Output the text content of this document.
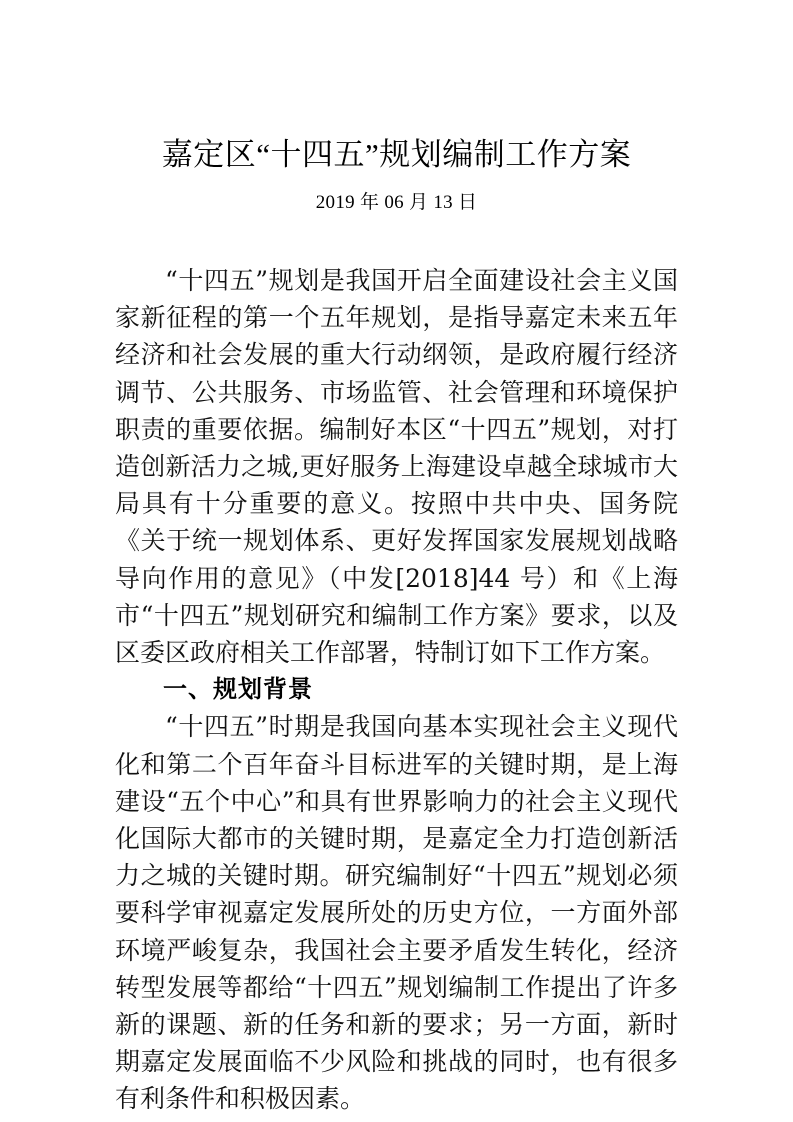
嘉定区“十四五”规划编制工作方案
2019 年 06 月 13 日

“十四五”规划是我国开启全面建设社会主义国家新征程的第一个五年规划，是指导嘉定未来五年经济和社会发展的重大行动纲领，是政府履行经济调节、公共服务、市场监管、社会管理和环境保护职责的重要依据。编制好本区“十四五”规划，对打造创新活力之城,更好服务上海建设卓越全球城市大局具有十分重要的意义。按照中共中央、国务院《关于统一规划体系、更好发挥国家发展规划战略导向作用的意见》（中发[2018]44 号）和《上海市“十四五”规划研究和编制工作方案》要求，以及区委区政府相关工作部署，特制订如下工作方案。

一、规划背景

“十四五”时期是我国向基本实现社会主义现代化和第二个百年奋斗目标进军的关键时期，是上海建设“五个中心”和具有世界影响力的社会主义现代化国际大都市的关键时期，是嘉定全力打造创新活力之城的关键时期。研究编制好“十四五”规划必须要科学审视嘉定发展所处的历史方位，一方面外部环境严峻复杂，我国社会主要矛盾发生转化，经济转型发展等都给“十四五”规划编制工作提出了许多新的课题、新的任务和新的要求；另一方面，新时期嘉定发展面临不少风险和挑战的同时，也有很多有利条件和积极因素。
